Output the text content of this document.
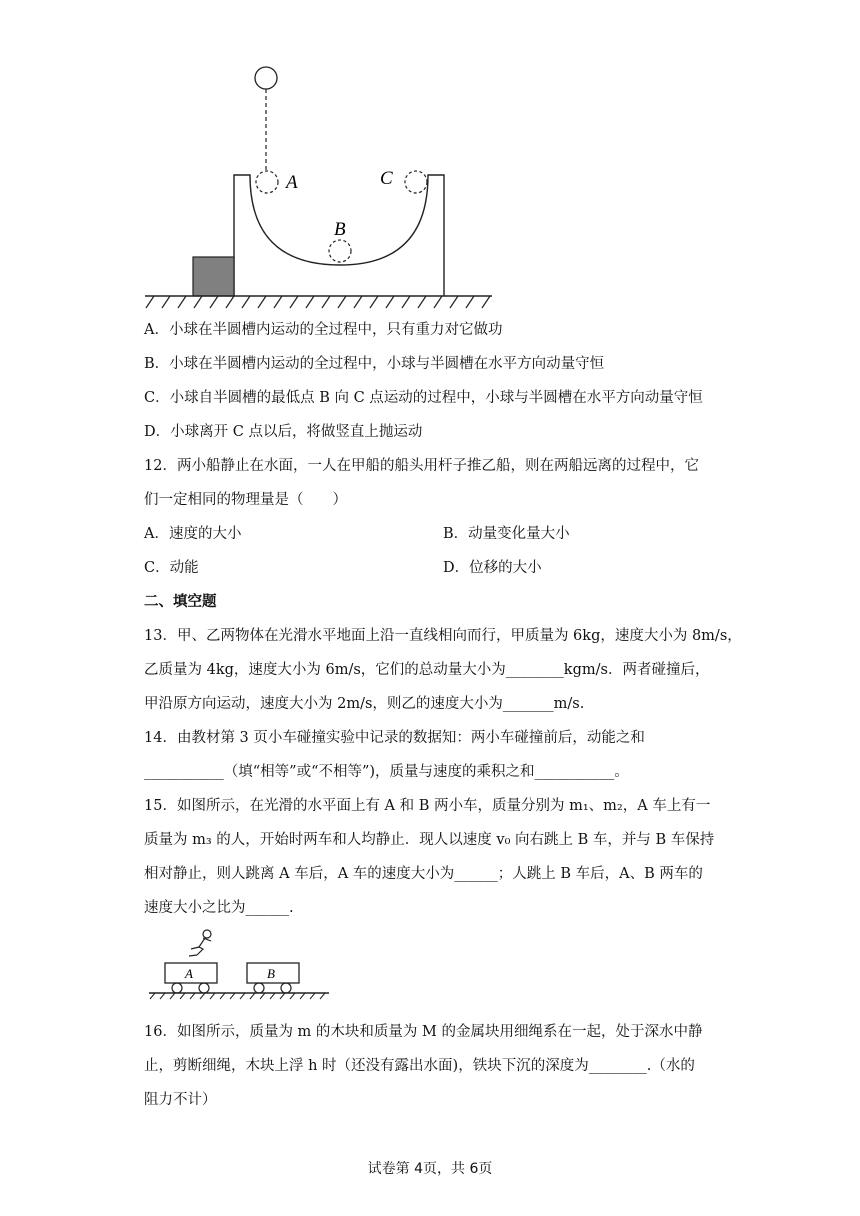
A	C
B
A．小球在半圆槽内运动的全过程中，只有重力对它做功
B．小球在半圆槽内运动的全过程中，小球与半圆槽在水平方向动量守恒
C．小球自半圆槽的最低点 B 向 C 点运动的过程中，小球与半圆槽在水平方向动量守恒
D．小球离开 C 点以后，将做竖直上抛运动
12．两小船静止在水面，一人在甲船的船头用杆子推乙船，则在两船远离的过程中，它
们一定相同的物理量是（　　）
A．速度的大小	B．动量变化量大小
C．动能	D．位移的大小
二、填空题
13．甲、乙两物体在光滑水平地面上沿一直线相向而行，甲质量为 6kg，速度大小为 8m/s，
乙质量为 4kg，速度大小为 6m/s，它们的总动量大小为________kgm/s．两者碰撞后，
甲沿原方向运动，速度大小为 2m/s，则乙的速度大小为_______m/s.
14．由教材第 3 页小车碰撞实验中记录的数据知：两小车碰撞前后，动能之和
___________（填“相等”或“不相等”)，质量与速度的乘积之和___________。
15．如图所示，在光滑的水平面上有 A 和 B 两小车，质量分别为 m₁、m₂，A 车上有一
质量为 m₃ 的人，开始时两车和人均静止．现人以速度 v₀ 向右跳上 B 车，并与 B 车保持
相对静止，则人跳离 A 车后，A 车的速度大小为______；人跳上 B 车后，A、B 两车的
速度大小之比为______.
A	B
16．如图所示，质量为 m 的木块和质量为 M 的金属块用细绳系在一起，处于深水中静
止，剪断细绳，木块上浮 h 时（还没有露出水面)，铁块下沉的深度为________.（水的
阻力不计）
试卷第 4页，共 6页
